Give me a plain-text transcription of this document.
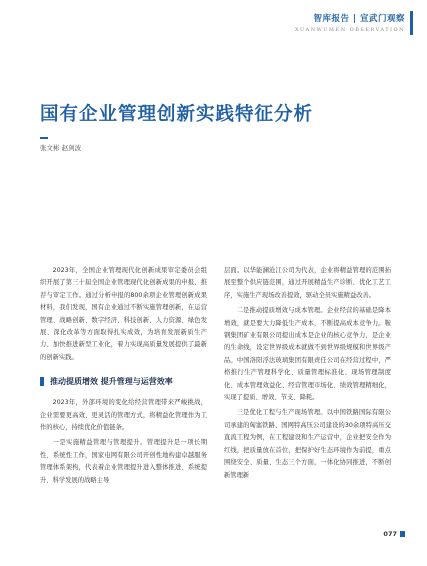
智库报告 | 宣武门观察
XUANWUMEN OBSERVATION
国有企业管理创新实践特征分析
张文彬 赵剑波

2023年，全国企业管理现代化创新成果审定委员会组织开展了第三十届全国企业管理现代化创新成果的申报、推荐与审定工作。通过分析申报的800余项企业管理创新成果材料，我们发现，国有企业通过不断实施管理创新，在运营管理、战略创新、数字经济、科技创新、人力资源、绿色发展、深化改革等方面取得扎实成效，为培育发展新质生产力、加快推进新型工业化，着力实现高质量发展提供了最新的创新实践。

推动提质增效 提升管理与运营效率

2023年，外部环境的变化给经营管理带来严峻挑战，企业需要更高效、更灵活的管理方式，将精益化管理作为工作的核心，持续优化价值链条。

一是实施精益管理与管理提升。管理提升是一项长期性、系统性工作，国家电网有限公司开创性地构建卓越服务管理体系架构，代表着企业管理提升进入整体推进、系统提升、科学发展的战略主导

层面。以华能澜沧江公司为代表，企业将精益管理的范围拓展至整个供应链范围，通过开展精益生产诊断、优化工艺工序，实施生产现场改善提效，驱动全员实施精益改善。

二是推动提质增效与成本管理。企业经营的基础是降本增效，就是要大力降低生产成本，不断提高成本竞争力。鞍钢集团矿业有限公司提出成本是企业的核心竞争力，是企业的生命线，设定世界级成本就做不到世界级规模和世界级产品。中国洛阳浮法玻璃集团有限责任公司在经营过程中，严格推行生产管理科学化、质量管理标准化、现场管理制度化、成本管理效益化、经营管理市场化、绩效管理精细化，实现了提质、增效、节支、降耗。

三是优化工程与生产现场管理。以中国铁路国际有限公司承建的匈塞铁路、国网特高压公司建设的30余项特高压交直流工程为例，在工程建设和生产运营中，企业把安全作为红线，把质量放在首位，把保护好生态环境作为前提，重点围绕安全、质量、生态三个方面，一体化协同推进，不断创新管理新

077
